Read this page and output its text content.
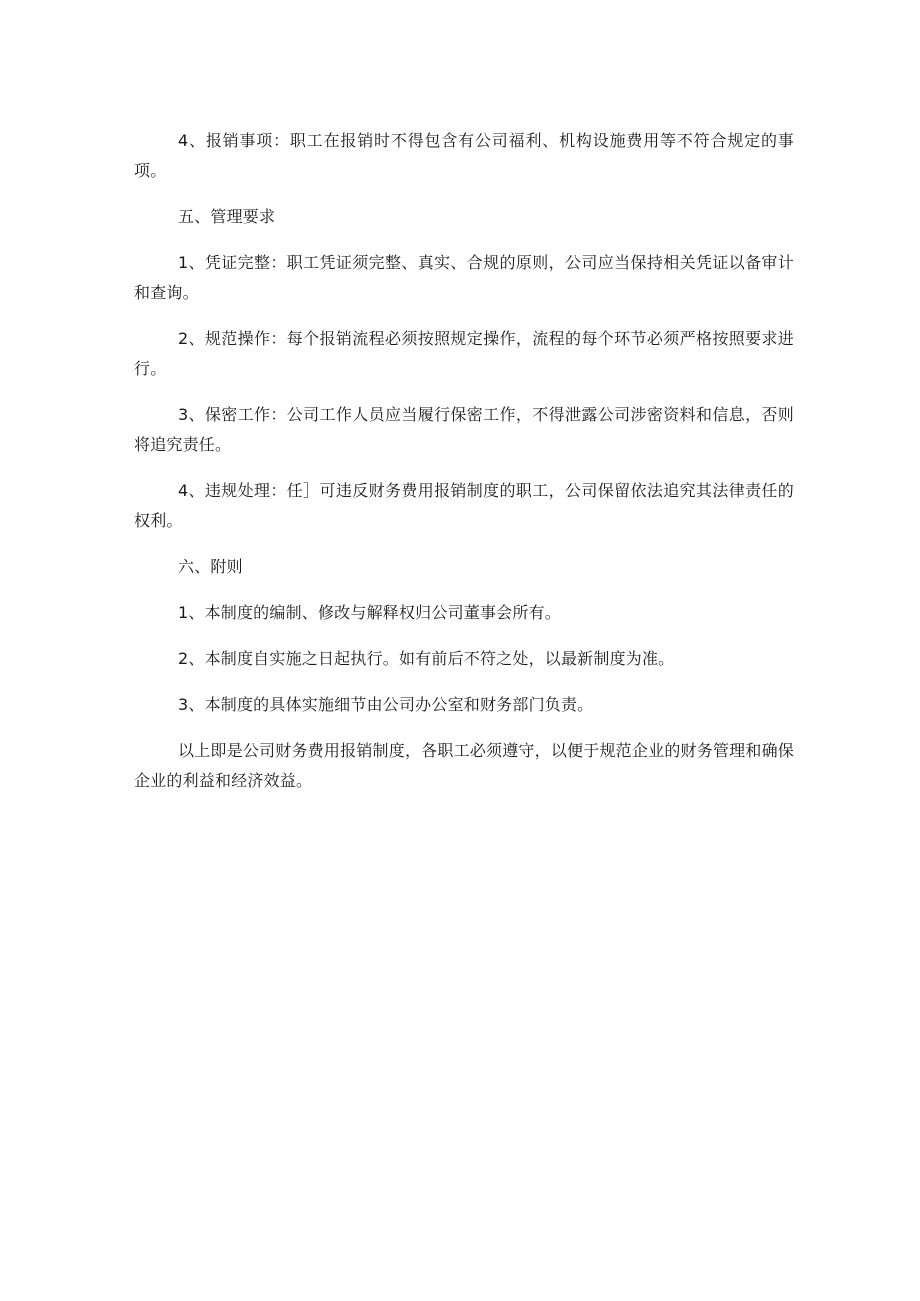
4、报销事项：职工在报销时不得包含有公司福利、机构设施费用等不符合规定的事项。

五、管理要求

1、凭证完整：职工凭证须完整、真实、合规的原则，公司应当保持相关凭证以备审计和查询。

2、规范操作：每个报销流程必须按照规定操作，流程的每个环节必须严格按照要求进行。

3、保密工作：公司工作人员应当履行保密工作，不得泄露公司涉密资料和信息，否则将追究责任。

4、违规处理：任］可违反财务费用报销制度的职工，公司保留依法追究其法律责任的权利。

六、附则

1、本制度的编制、修改与解释权归公司董事会所有。

2、本制度自实施之日起执行。如有前后不符之处，以最新制度为准。

3、本制度的具体实施细节由公司办公室和财务部门负责。

以上即是公司财务费用报销制度，各职工必须遵守，以便于规范企业的财务管理和确保企业的利益和经济效益。
